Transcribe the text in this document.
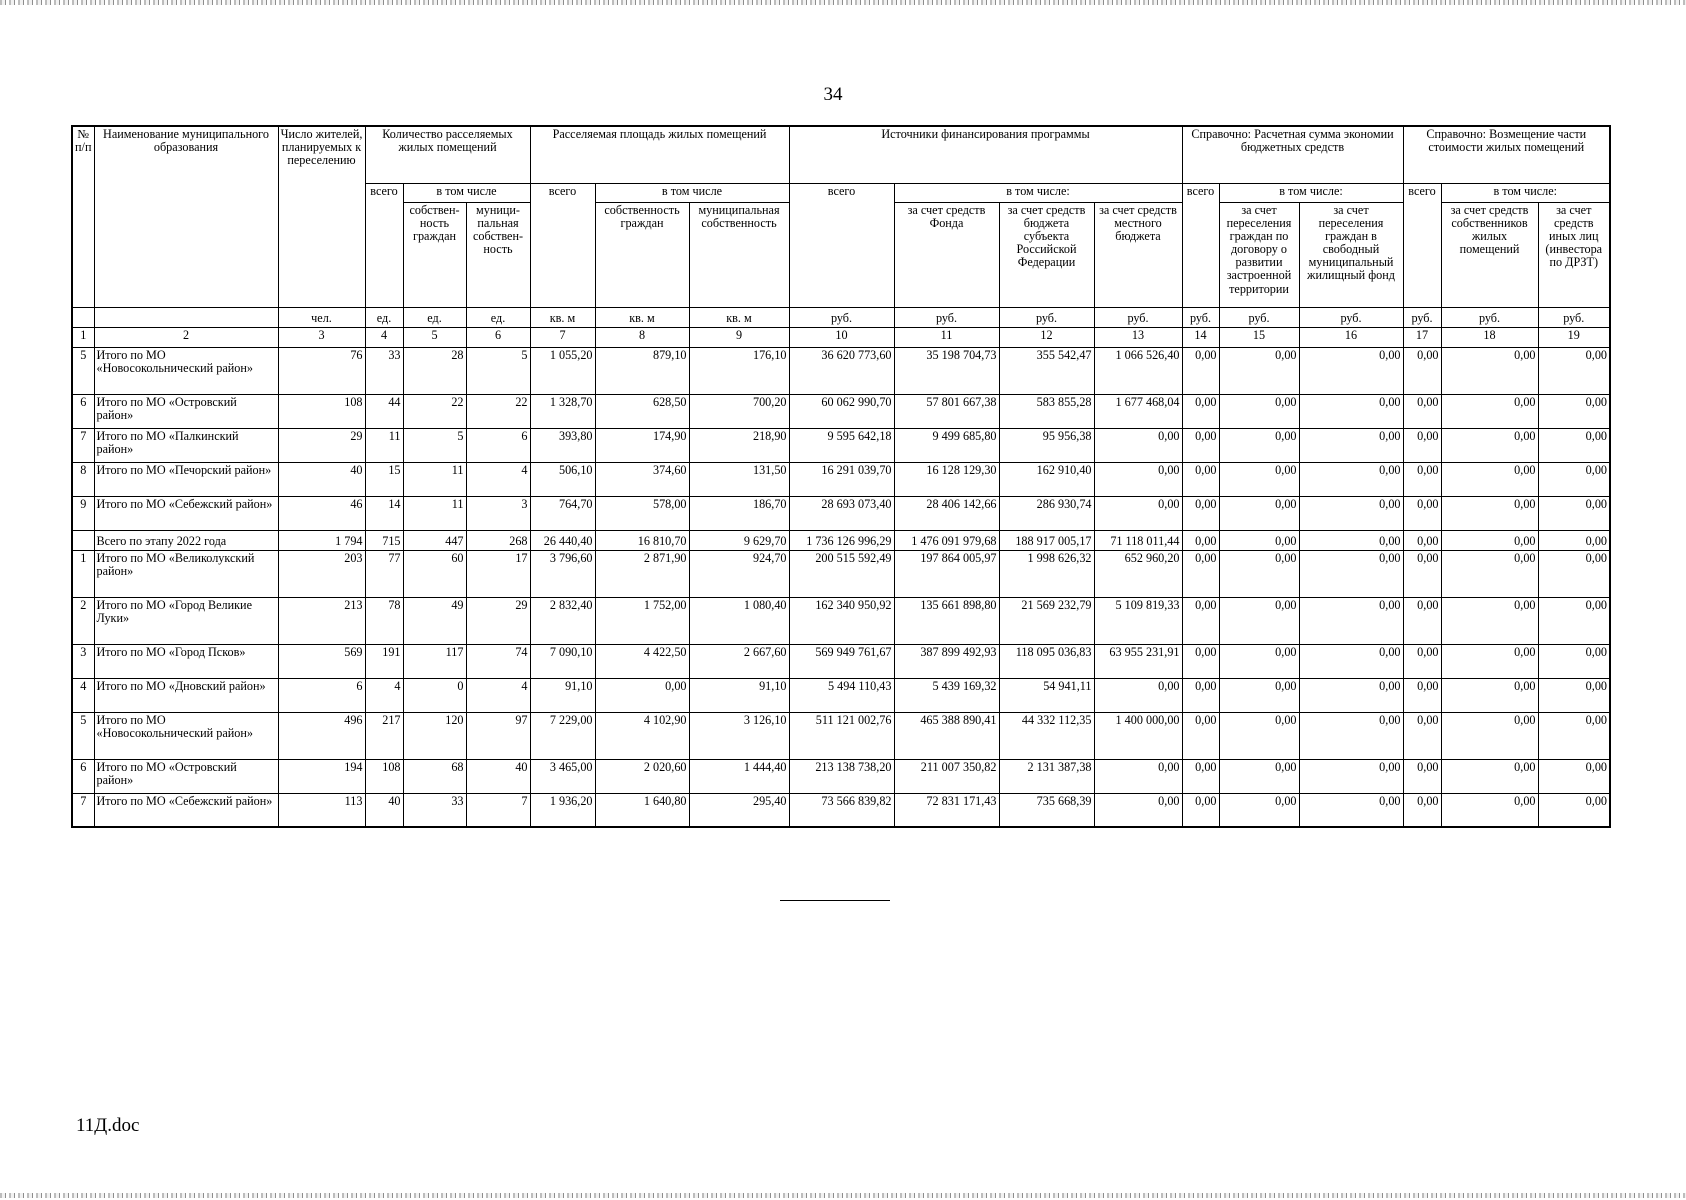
34
№ п/п	Наименование муниципального образования	Число жителей, планируемых к переселению	Количество расселяемых жилых помещений			Расселяемая площадь жилых помещений			Источники финансирования программы				Справочно: Расчетная сумма экономии бюджетных средств			Справочно: Возмещение части стоимости жилых помещений		
			всего	в том числе		всего	в том числе		всего	в том числе:			всего	в том числе:		всего	в том числе:	
				собствен-ность граждан	муници-пальная собствен-ность		собственность граждан	муниципальная собственность		за счет средств Фонда	за счет средств бюджета субъекта Российской Федерации	за счет средств местного бюджета		за счет переселения граждан по договору о развитии застроенной территории	за счет переселения граждан в свободный муниципальный жилищный фонд		за счет средств собственников жилых помещений	за счет средств иных лиц (инвестора по ДРЗТ)
		чел.	ед.	ед.	ед.	кв. м	кв. м	кв. м	руб.	руб.	руб.	руб.	руб.	руб.	руб.	руб.	руб.	руб.
1	2	3	4	5	6	7	8	9	10	11	12	13	14	15	16	17	18	19
5	Итого по МО «Новосокольнический район»	76	33	28	5	1 055,20	879,10	176,10	36 620 773,60	35 198 704,73	355 542,47	1 066 526,40	0,00	0,00	0,00	0,00	0,00	0,00
6	Итого по МО «Островский район»	108	44	22	22	1 328,70	628,50	700,20	60 062 990,70	57 801 667,38	583 855,28	1 677 468,04	0,00	0,00	0,00	0,00	0,00	0,00
7	Итого по МО «Палкинский район»	29	11	5	6	393,80	174,90	218,90	9 595 642,18	9 499 685,80	95 956,38	0,00	0,00	0,00	0,00	0,00	0,00	0,00
8	Итого по МО «Печорский район»	40	15	11	4	506,10	374,60	131,50	16 291 039,70	16 128 129,30	162 910,40	0,00	0,00	0,00	0,00	0,00	0,00	0,00
9	Итого по МО «Себежский район»	46	14	11	3	764,70	578,00	186,70	28 693 073,40	28 406 142,66	286 930,74	0,00	0,00	0,00	0,00	0,00	0,00	0,00
	Всего по этапу 2022 года	1 794	715	447	268	26 440,40	16 810,70	9 629,70	1 736 126 996,29	1 476 091 979,68	188 917 005,17	71 118 011,44	0,00	0,00	0,00	0,00	0,00	0,00
1	Итого по МО «Великолукский район»	203	77	60	17	3 796,60	2 871,90	924,70	200 515 592,49	197 864 005,97	1 998 626,32	652 960,20	0,00	0,00	0,00	0,00	0,00	0,00
2	Итого по МО «Город Великие Луки»	213	78	49	29	2 832,40	1 752,00	1 080,40	162 340 950,92	135 661 898,80	21 569 232,79	5 109 819,33	0,00	0,00	0,00	0,00	0,00	0,00
3	Итого по МО «Город Псков»	569	191	117	74	7 090,10	4 422,50	2 667,60	569 949 761,67	387 899 492,93	118 095 036,83	63 955 231,91	0,00	0,00	0,00	0,00	0,00	0,00
4	Итого по МО «Дновский район»	6	4	0	4	91,10	0,00	91,10	5 494 110,43	5 439 169,32	54 941,11	0,00	0,00	0,00	0,00	0,00	0,00	0,00
5	Итого по МО «Новосокольнический район»	496	217	120	97	7 229,00	4 102,90	3 126,10	511 121 002,76	465 388 890,41	44 332 112,35	1 400 000,00	0,00	0,00	0,00	0,00	0,00	0,00
6	Итого по МО «Островский район»	194	108	68	40	3 465,00	2 020,60	1 444,40	213 138 738,20	211 007 350,82	2 131 387,38	0,00	0,00	0,00	0,00	0,00	0,00	0,00
7	Итого по МО «Себежский район»	113	40	33	7	1 936,20	1 640,80	295,40	73 566 839,82	72 831 171,43	735 668,39	0,00	0,00	0,00	0,00	0,00	0,00	0,00
11Д.doc
